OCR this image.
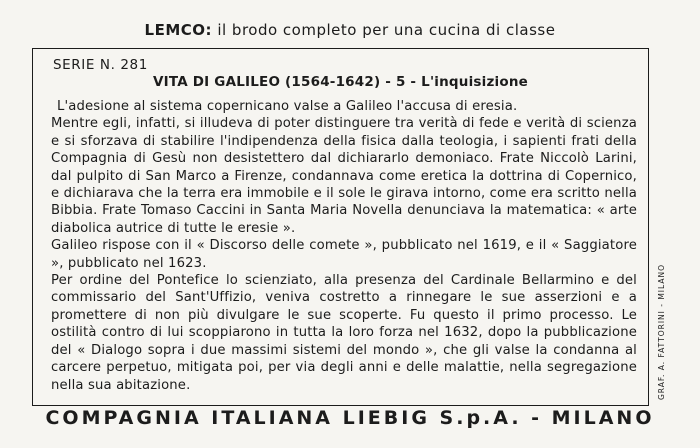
LEMCO: il brodo completo per una cucina di classe
SERIE N. 281
VITA DI GALILEO (1564-1642) - 5 - L'inquisizione

L'adesione al sistema copernicano valse a Galileo l'accusa di eresia.

Mentre egli, infatti, si illudeva di poter distinguere tra verità di fede e verità di scienza e si sforzava di stabilire l'indipendenza della fisica dalla teologia, i sapienti frati della Compagnia di Gesù non desistettero dal dichiararlo demoniaco. Frate Niccolò Larini, dal pulpito di San Marco a Firenze, condannava come eretica la dottrina di Copernico, e dichiarava che la terra era immobile e il sole le girava intorno, come era scritto nella Bibbia. Frate Tomaso Caccini in Santa Maria Novella denunciava la matematica: « arte diabolica autrice di tutte le eresie ».

Galileo rispose con il « Discorso delle comete », pubblicato nel 1619, e il « Saggiatore », pubblicato nel 1623.

Per ordine del Pontefice lo scienziato, alla presenza del Cardinale Bellarmino e del commissario del Sant'Uffizio, veniva costretto a rinnegare le sue asserzioni e a promettere di non più divulgare le sue scoperte. Fu questo il primo processo. Le ostilità contro di lui scoppiarono in tutta la loro forza nel 1632, dopo la pubblicazione del « Dialogo sopra i due massimi sistemi del mondo », che gli valse la condanna al carcere perpetuo, mitigata poi, per via degli anni e delle malattie, nella segregazione nella sua abitazione.	GRAF. A. FATTORINI - MILANO
COMPAGNIA ITALIANA LIEBIG S.p.A. - MILANO
